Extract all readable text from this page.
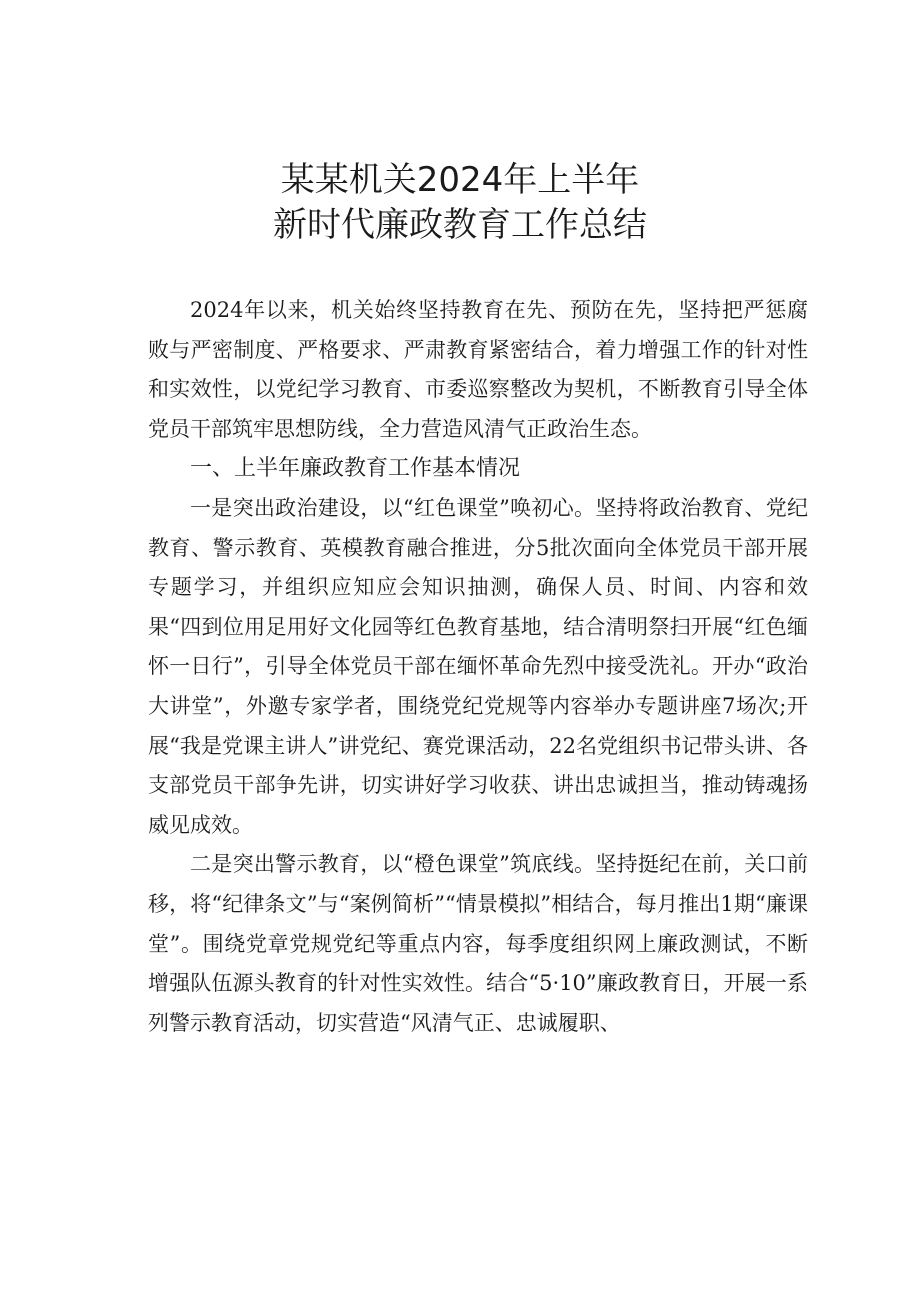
某某机关2024年上半年
新时代廉政教育工作总结

2024年以来，机关始终坚持教育在先、预防在先，坚持把严惩腐败与严密制度、严格要求、严肃教育紧密结合，着力增强工作的针对性和实效性，以党纪学习教育、市委巡察整改为契机，不断教育引导全体党员干部筑牢思想防线，全力营造风清气正政治生态。

一、上半年廉政教育工作基本情况

一是突出政治建设，以“红色课堂”唤初心。坚持将政治教育、党纪教育、警示教育、英模教育融合推进，分5批次面向全体党员干部开展专题学习，并组织应知应会知识抽测，确保人员、时间、内容和效果“四到位用足用好文化园等红色教育基地，结合清明祭扫开展“红色缅怀一日行”，引导全体党员干部在缅怀革命先烈中接受洗礼。开办“政治大讲堂”，外邀专家学者，围绕党纪党规等内容举办专题讲座7场次;开展“我是党课主讲人”讲党纪、赛党课活动，22名党组织书记带头讲、各支部党员干部争先讲，切实讲好学习收获、讲出忠诚担当，推动铸魂扬威见成效。

二是突出警示教育，以“橙色课堂”筑底线。坚持挺纪在前，关口前移，将“纪律条文”与“案例简析”“情景模拟”相结合，每月推出1期“廉课堂”。围绕党章党规党纪等重点内容，每季度组织网上廉政测试，不断增强队伍源头教育的针对性实效性。结合“5·10”廉政教育日，开展一系列警示教育活动，切实营造“风清气正、忠诚履职、
